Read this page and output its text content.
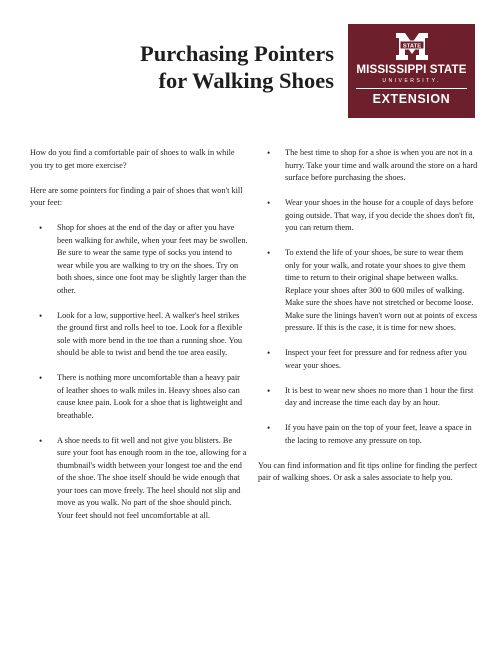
Purchasing Pointers
for Walking Shoes
STATE
MISSISSIPPI STATE
UNIVERSITY.
EXTENSION

How do you find a comfortable pair of shoes to walk in while you try to get more exercise?

Here are some pointers for finding a pair of shoes that won't kill your feet:

• Shop for shoes at the end of the day or after you have been walking for awhile, when your feet may be swollen. Be sure to wear the same type of socks you intend to wear while you are walking to try on the shoes. Try on both shoes, since one foot may be slightly larger than the other.
• Look for a low, supportive heel. A walker's heel strikes the ground first and rolls heel to toe. Look for a flexible sole with more bend in the toe than a running shoe. You should be able to twist and bend the toe area easily.
• There is nothing more uncomfortable than a heavy pair of leather shoes to walk miles in. Heavy shoes also can cause knee pain. Look for a shoe that is lightweight and breathable.
• A shoe needs to fit well and not give you blisters. Be sure your foot has enough room in the toe, allowing for a thumbnail's width between your longest toe and the end of the shoe. The shoe itself should be wide enough that your toes can move freely. The heel should not slip and move as you walk. No part of the shoe should pinch. Your feet should not feel uncomfortable at all.
• The best time to shop for a shoe is when you are not in a hurry. Take your time and walk around the store on a hard surface before purchasing the shoes.
• Wear your shoes in the house for a couple of days before going outside. That way, if you decide the shoes don't fit, you can return them.
• To extend the life of your shoes, be sure to wear them only for your walk, and rotate your shoes to give them time to return to their original shape between walks. Replace your shoes after 300 to 600 miles of walking. Make sure the shoes have not stretched or become loose. Make sure the linings haven't worn out at points of excess pressure. If this is the case, it is time for new shoes.
• Inspect your feet for pressure and for redness after you wear your shoes.
• It is best to wear new shoes no more than 1 hour the first day and increase the time each day by an hour.
• If you have pain on the top of your feet, leave a space in the lacing to remove any pressure on top.

You can find information and fit tips online for finding the perfect pair of walking shoes. Or ask a sales associate to help you.
